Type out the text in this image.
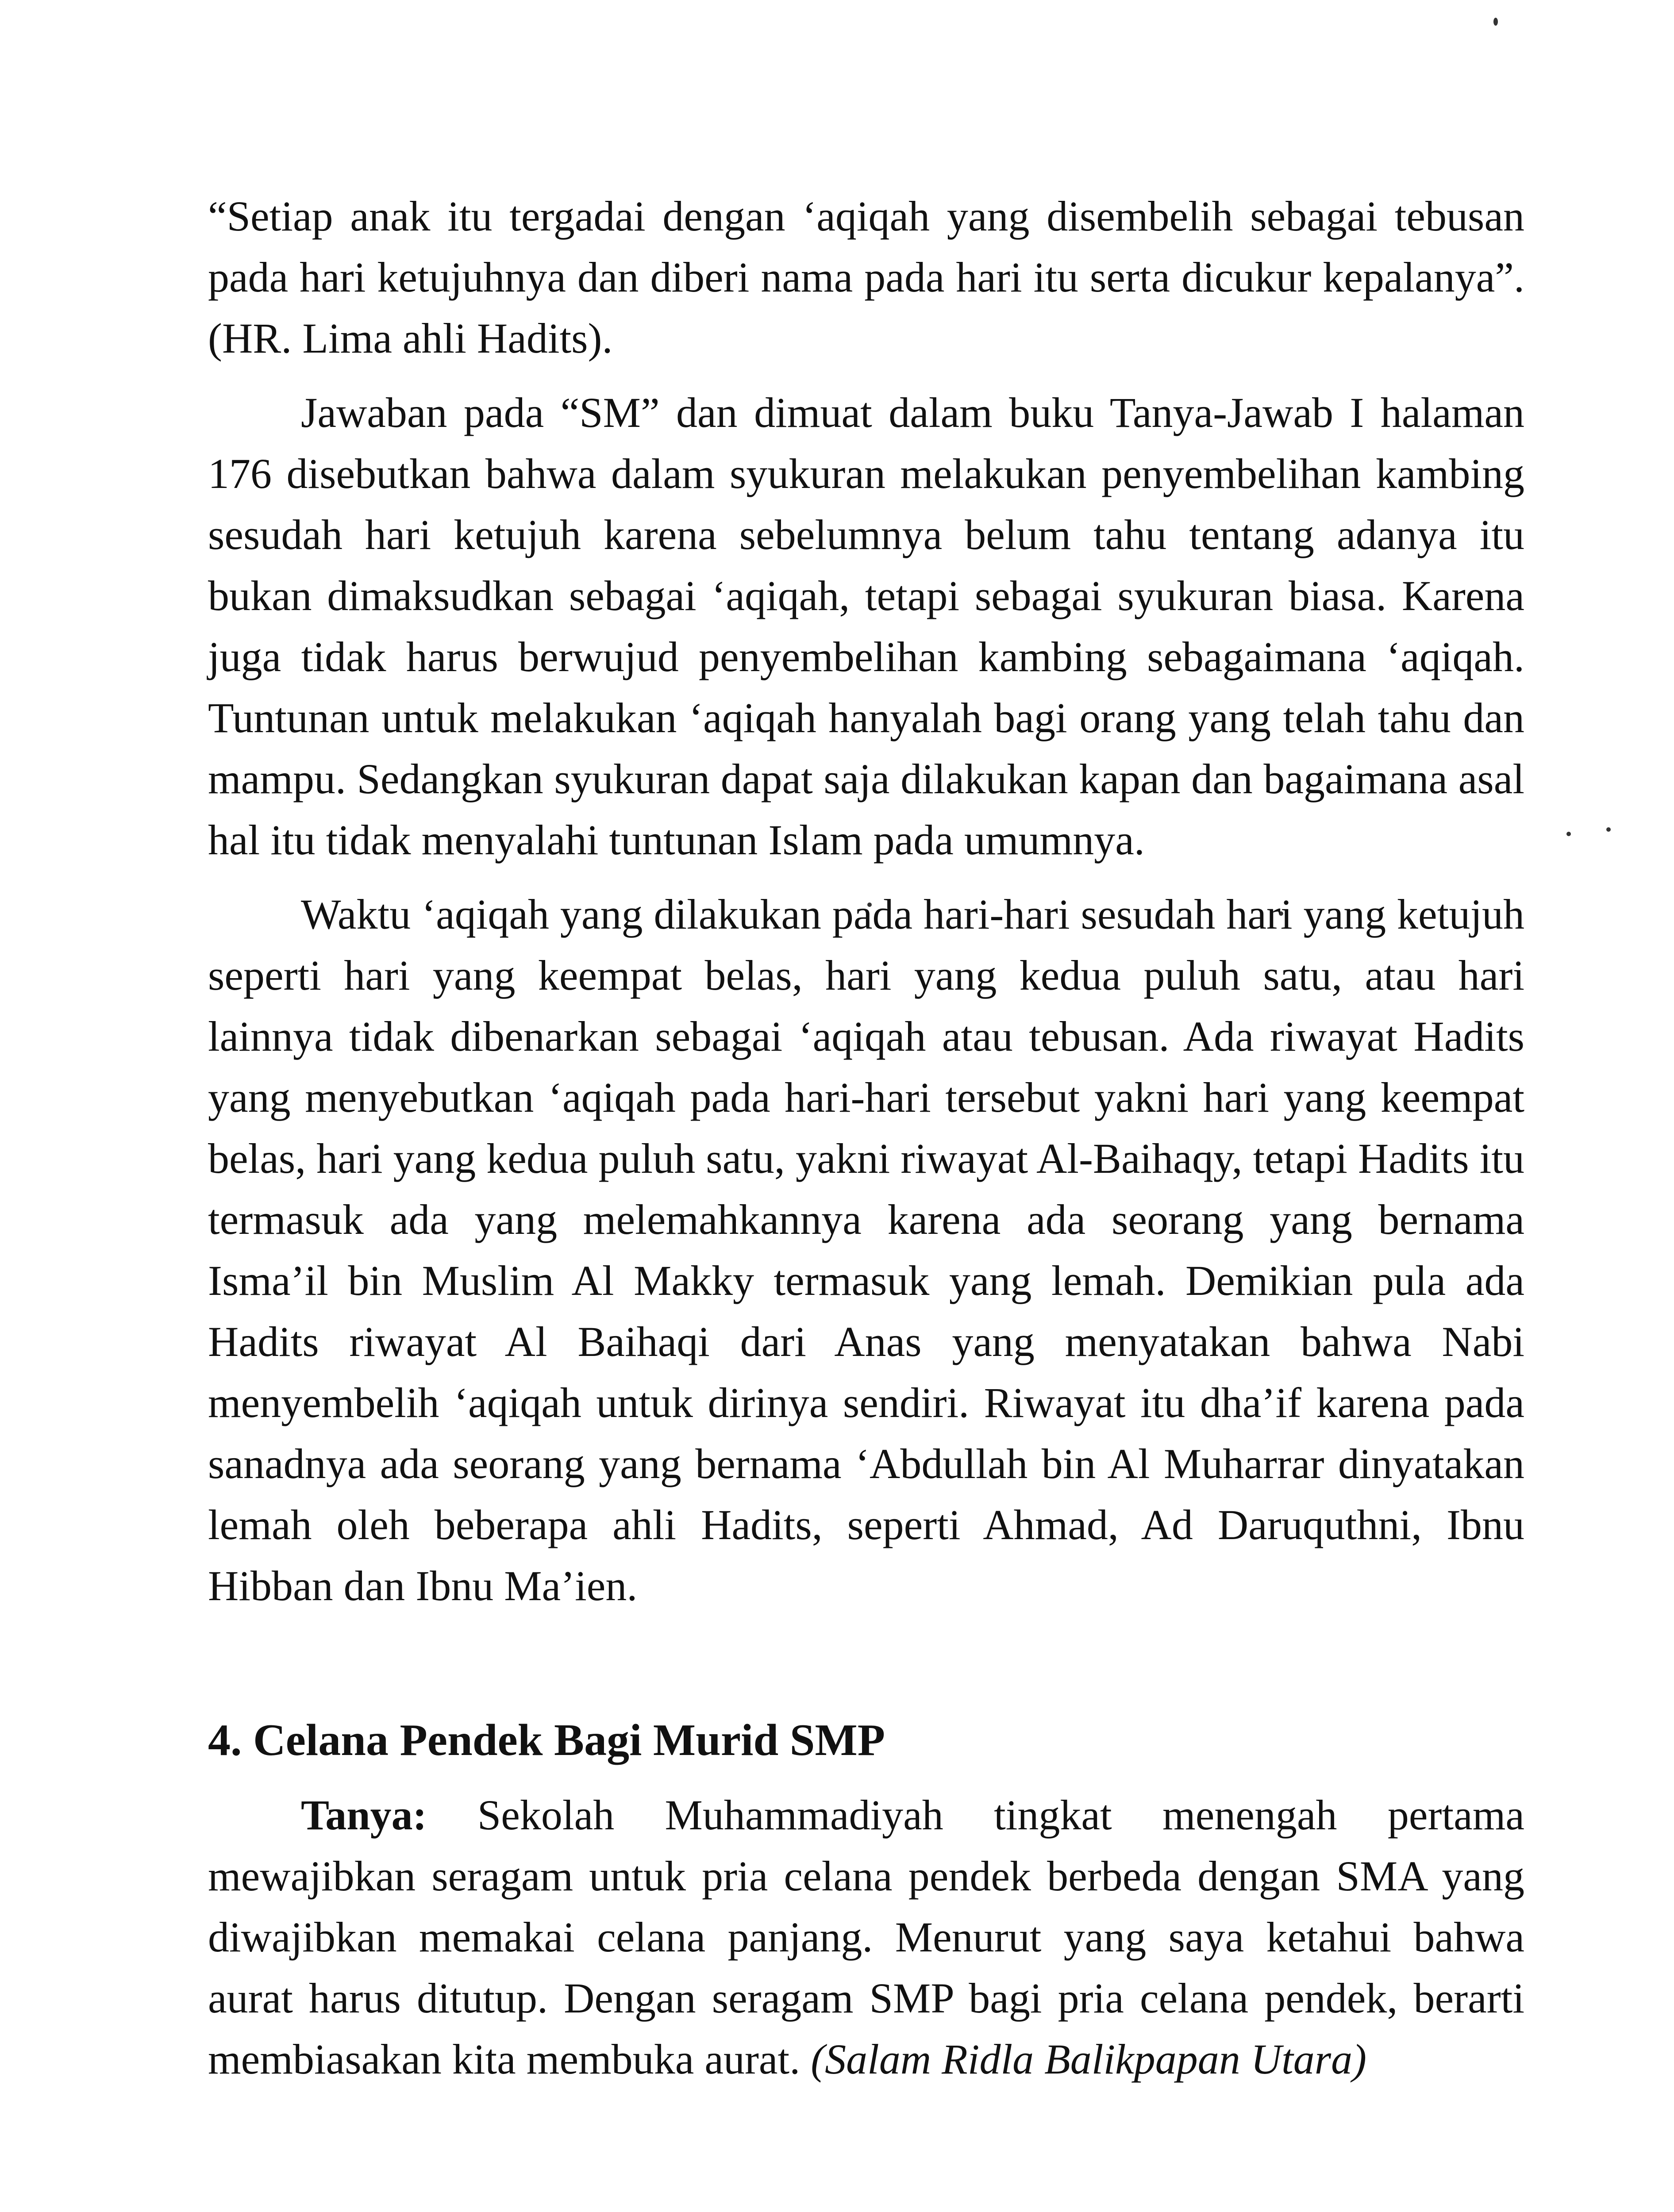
“Setiap anak itu tergadai dengan ‘aqiqah yang disembelih sebagai tebusan pada hari ketujuhnya dan diberi nama pada hari itu serta dicukur kepalanya”. (HR. Lima ahli Hadits).

Jawaban pada “SM” dan dimuat dalam buku Tanya-Jawab I halaman 176 disebutkan bahwa dalam syukuran melakukan penyembelihan kambing sesudah hari ketujuh karena sebelumnya belum tahu tentang adanya itu bukan dimaksudkan sebagai ‘aqiqah, tetapi sebagai syukuran biasa. Karena juga tidak harus berwujud penyembelihan kambing sebagaimana ‘aqiqah. Tuntunan untuk melakukan ‘aqiqah hanyalah bagi orang yang telah tahu dan mampu. Sedangkan syukuran dapat saja dilakukan kapan dan bagaimana asal hal itu tidak menyalahi tuntunan Islam pada umumnya.

Waktu ‘aqiqah yang dilakukan pada hari-hari sesudah hari yang ketujuh seperti hari yang keempat belas, hari yang kedua puluh satu, atau hari lainnya tidak dibenarkan sebagai ‘aqiqah atau tebusan. Ada riwayat Hadits yang menyebutkan ‘aqiqah pada hari-hari tersebut yakni hari yang keempat belas, hari yang kedua puluh satu, yakni riwayat Al-Baihaqy, tetapi Hadits itu termasuk ada yang melemahkannya karena ada seorang yang bernama Isma’il bin Muslim Al Makky termasuk yang lemah. Demikian pula ada Hadits riwayat Al Baihaqi dari Anas yang menyatakan bahwa Nabi menyembelih ‘aqiqah untuk dirinya sendiri. Riwayat itu dha’if karena pada sanadnya ada seorang yang bernama ‘Abdullah bin Al Muharrar dinyatakan lemah oleh beberapa ahli Hadits, seperti Ahmad, Ad Daruquthni, Ibnu Hibban dan Ibnu Ma’ien.

4. Celana Pendek Bagi Murid SMP

Tanya: Sekolah Muhammadiyah tingkat menengah pertama mewajibkan seragam untuk pria celana pendek berbeda dengan SMA yang diwajibkan memakai celana panjang. Menurut yang saya ketahui bahwa aurat harus ditutup. Dengan seragam SMP bagi pria celana pendek, berarti membiasakan kita membuka aurat. (Salam Ridla Balikpapan Utara)
